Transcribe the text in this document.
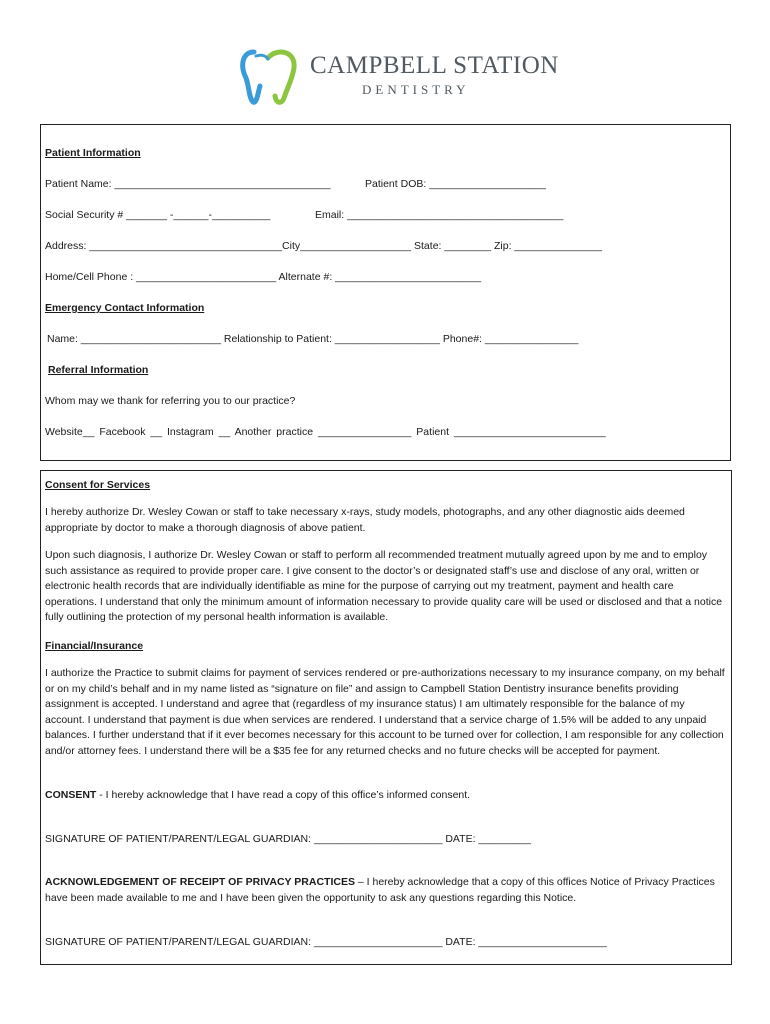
CAMPBELL STATION
DENTISTRY
Patient Information
Patient Name: _____________________________________	Patient DOB: ____________________
Social Security # _______ -______-__________	Email: _____________________________________
Address: _________________________________City___________________ State: ________ Zip: _______________
Home/Cell Phone : ________________________ Alternate #: _________________________
Emergency Contact Information
Name: ________________________ Relationship to Patient: __________________ Phone#: ________________
Referral Information
Whom may we thank for referring you to our practice?
Website__ Facebook __ Instagram __ Another practice ________________ Patient __________________________
Consent for Services
I hereby authorize Dr. Wesley Cowan or staff to take necessary x-rays, study models, photographs, and any other diagnostic aids deemed appropriate by doctor to make a thorough diagnosis of above patient.
Upon such diagnosis, I authorize Dr. Wesley Cowan or staff to perform all recommended treatment mutually agreed upon by me and to employ such assistance as required to provide proper care. I give consent to the doctor’s or designated staff’s use and disclose of any oral, written or electronic health records that are individually identifiable as mine for the purpose of carrying out my treatment, payment and health care operations. I understand that only the minimum amount of information necessary to provide quality care will be used or disclosed and that a notice fully outlining the protection of my personal health information is available.
Financial/Insurance
I authorize the Practice to submit claims for payment of services rendered or pre-authorizations necessary to my insurance company, on my behalf or on my child’s behalf and in my name listed as “signature on file” and assign to Campbell Station Dentistry insurance benefits providing assignment is accepted. I understand and agree that (regardless of my insurance status) I am ultimately responsible for the balance of my account. I understand that payment is due when services are rendered. I understand that a service charge of 1.5% will be added to any unpaid balances. I further understand that if it ever becomes necessary for this account to be turned over for collection, I am responsible for any collection and/or attorney fees. I understand there will be a $35 fee for any returned checks and no future checks will be accepted for payment.
CONSENT - I hereby acknowledge that I have read a copy of this office’s informed consent.
SIGNATURE OF PATIENT/PARENT/LEGAL GUARDIAN: ______________________ DATE: _________
ACKNOWLEDGEMENT OF RECEIPT OF PRIVACY PRACTICES – I hereby acknowledge that a copy of this offices Notice of Privacy Practices have been made available to me and I have been given the opportunity to ask any questions regarding this Notice.
SIGNATURE OF PATIENT/PARENT/LEGAL GUARDIAN: ______________________ DATE: ______________________
